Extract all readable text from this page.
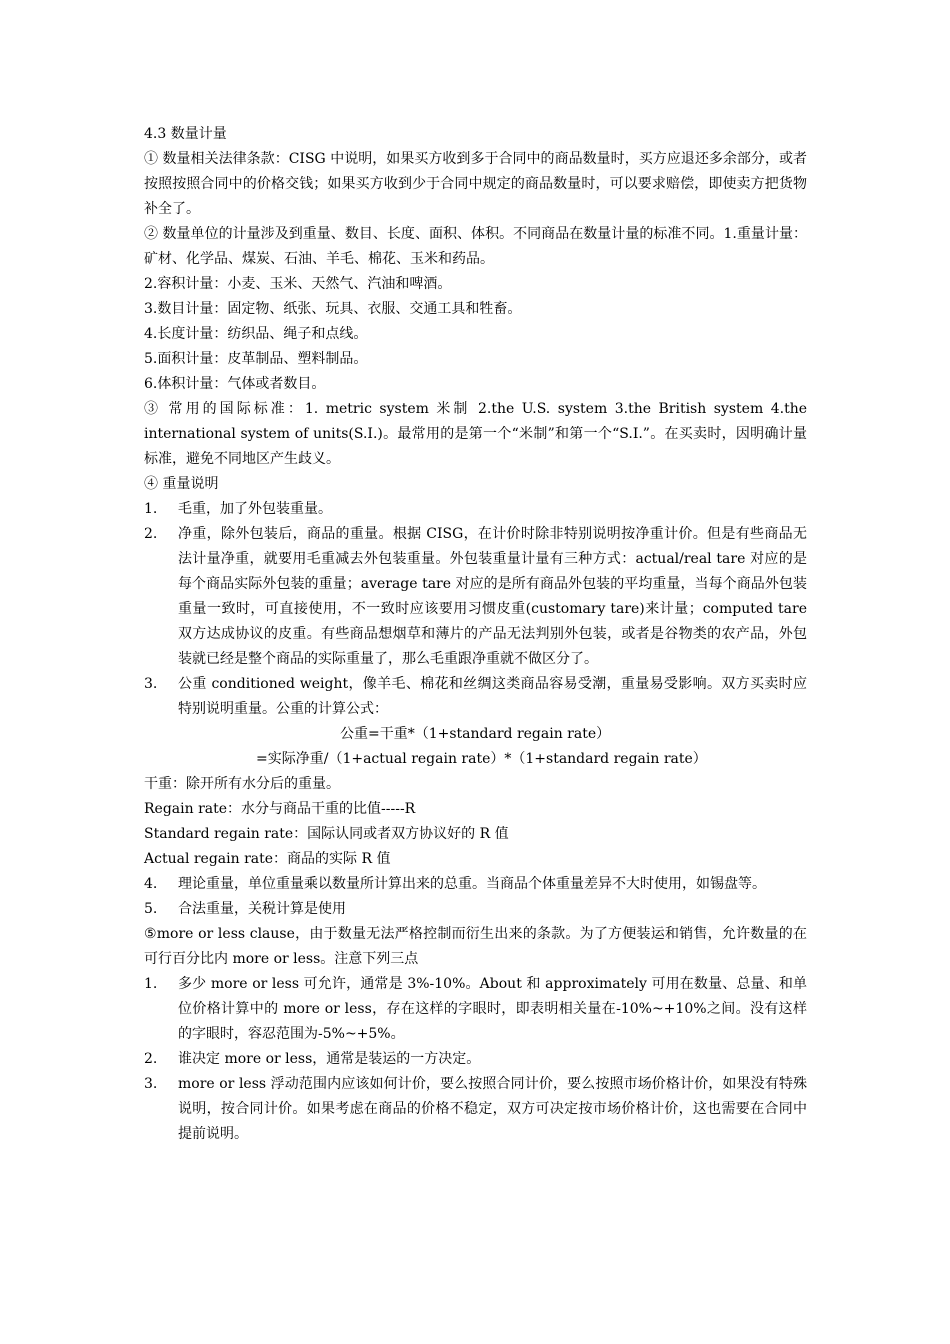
4.3 数量计量

① 数量相关法律条款：CISG 中说明，如果买方收到多于合同中的商品数量时，买方应退还多余部分，或者按照按照合同中的价格交钱；如果买方收到少于合同中规定的商品数量时，可以要求赔偿，即使卖方把货物补全了。

② 数量单位的计量涉及到重量、数目、长度、面积、体积。不同商品在数量计量的标准不同。1.重量计量：矿材、化学品、煤炭、石油、羊毛、棉花、玉米和药品。

2.容积计量：小麦、玉米、天然气、汽油和啤酒。

3.数目计量：固定物、纸张、玩具、衣服、交通工具和牲畜。

4.长度计量：纺织品、绳子和点线。

5.面积计量：皮革制品、塑料制品。

6.体积计量：气体或者数目。

③ 常用的国际标准：1. metric system 米制 2.the U.S. system 3.the British system 4.the international system of units(S.I.)。最常用的是第一个“米制”和第一个“S.I.”。在买卖时，因明确计量标准，避免不同地区产生歧义。

④ 重量说明

1. 毛重，加了外包装重量。
2. 净重，除外包装后，商品的重量。根据 CISG，在计价时除非特别说明按净重计价。但是有些商品无法计量净重，就要用毛重减去外包装重量。外包装重量计量有三种方式：actual/real tare 对应的是每个商品实际外包装的重量；average tare 对应的是所有商品外包装的平均重量，当每个商品外包装重量一致时，可直接使用，不一致时应该要用习惯皮重(customary tare)来计量；computed tare 双方达成协议的皮重。有些商品想烟草和薄片的产品无法判别外包装，或者是谷物类的农产品，外包装就已经是整个商品的实际重量了，那么毛重跟净重就不做区分了。
3. 公重 conditioned weight，像羊毛、棉花和丝绸这类商品容易受潮，重量易受影响。双方买卖时应特别说明重量。公重的计算公式：

公重=干重*（1+standard regain rate）

=实际净重/（1+actual regain rate）*（1+standard regain rate）

干重：除开所有水分后的重量。

Regain rate：水分与商品干重的比值-----R

Standard regain rate：国际认同或者双方协议好的 R 值

Actual regain rate：商品的实际 R 值

4. 理论重量，单位重量乘以数量所计算出来的总重。当商品个体重量差异不大时使用，如锡盘等。
5. 合法重量，关税计算是使用

⑤more or less clause，由于数量无法严格控制而衍生出来的条款。为了方便装运和销售，允许数量的在可行百分比内 more or less。注意下列三点

1. 多少 more or less 可允许，通常是 3%-10%。About 和 approximately 可用在数量、总量、和单位价格计算中的 more or less，存在这样的字眼时，即表明相关量在-10%~+10%之间。没有这样的字眼时，容忍范围为-5%~+5%。
2. 谁决定 more or less，通常是装运的一方决定。
3. more or less 浮动范围内应该如何计价，要么按照合同计价，要么按照市场价格计价，如果没有特殊说明，按合同计价。如果考虑在商品的价格不稳定，双方可决定按市场价格计价，这也需要在合同中提前说明。
